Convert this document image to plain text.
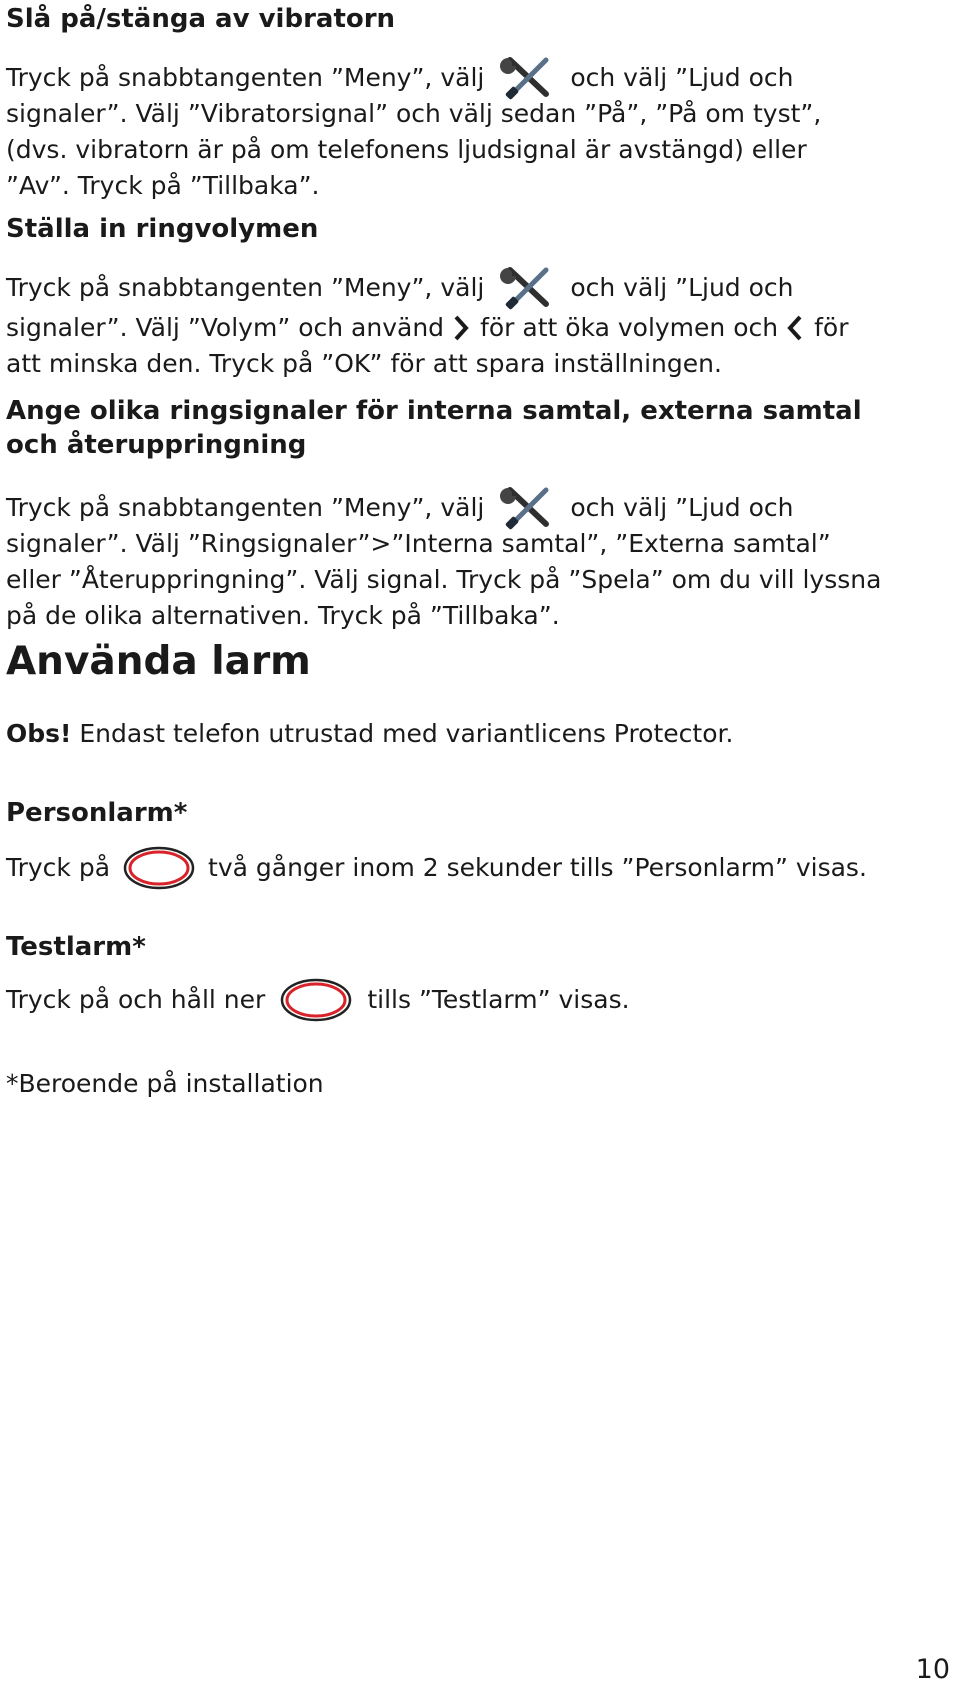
Slå på/stänga av vibratorn
Tryck på snabbtangenten ”Meny”, välj	och välj ”Ljud och
signaler”. Välj ”Vibratorsignal” och välj sedan ”På”, ”På om tyst”,
(dvs. vibratorn är på om telefonens ljudsignal är avstängd) eller
”Av”. Tryck på ”Tillbaka”.
Ställa in ringvolymen
Tryck på snabbtangenten ”Meny”, välj	och välj ”Ljud och
signaler”. Välj ”Volym” och använd för att öka volymen och för
att minska den. Tryck på ”OK” för att spara inställningen.
Ange olika ringsignaler för interna samtal, externa samtal
och återuppringning
Tryck på snabbtangenten ”Meny”, välj	och välj ”Ljud och
signaler”. Välj ”Ringsignaler”>”Interna samtal”, ”Externa samtal”
eller ”Återuppringning”. Välj signal. Tryck på ”Spela” om du vill lyssna
på de olika alternativen. Tryck på ”Tillbaka”.
Använda larm
Obs! Endast telefon utrustad med variantlicens Protector.
Personlarm*
Tryck på	två gånger inom 2 sekunder tills ”Personlarm” visas.
Testlarm*
Tryck på och håll ner	tills ”Testlarm” visas.
*Beroende på installation
10
